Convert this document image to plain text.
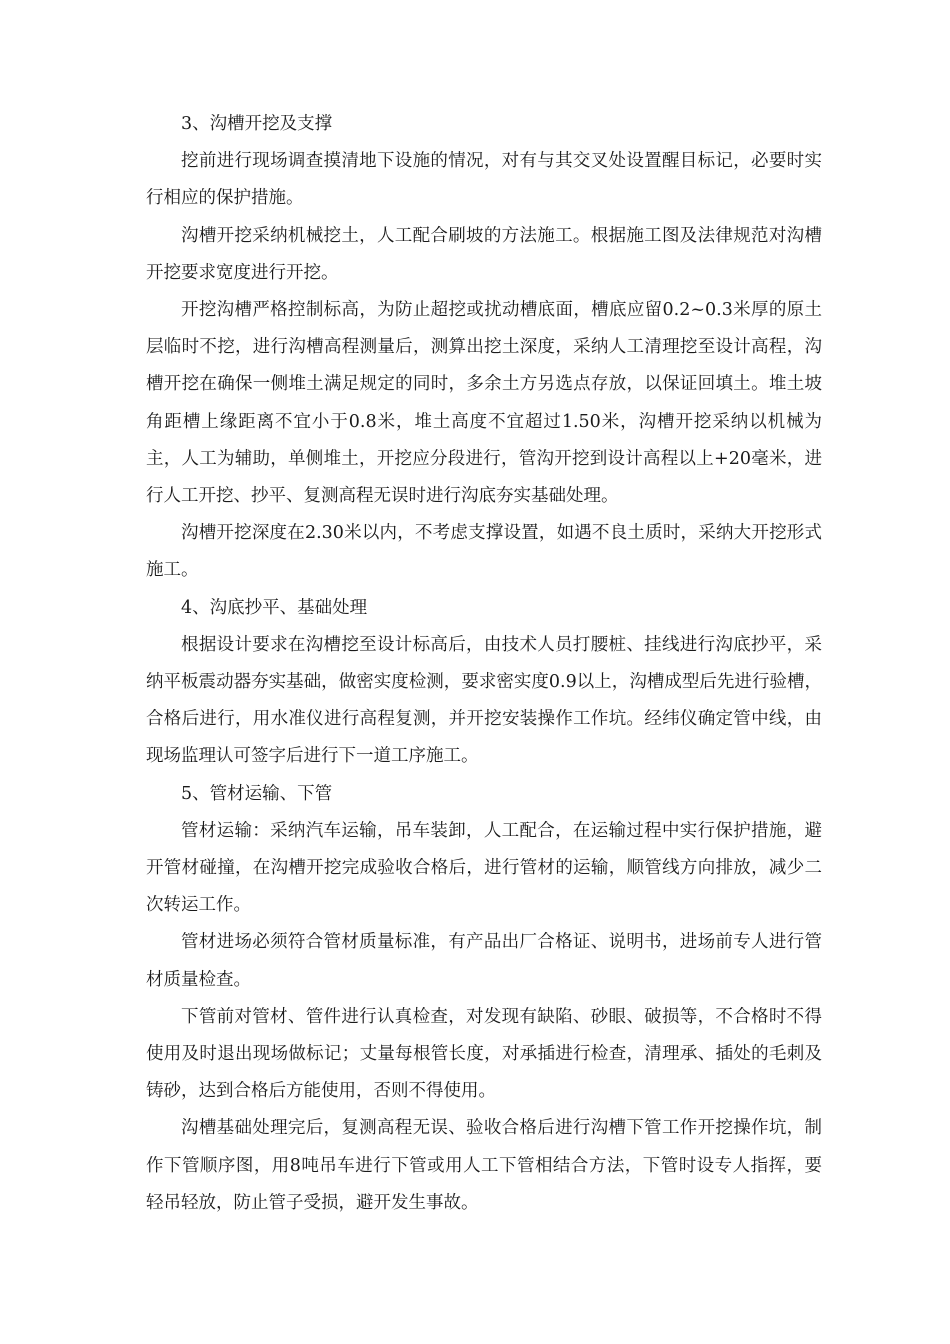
3、沟槽开挖及支撑

挖前进行现场调查摸清地下设施的情况，对有与其交叉处设置醒目标记，必要时实行相应的保护措施。

沟槽开挖采纳机械挖土，人工配合刷坡的方法施工。根据施工图及法律规范对沟槽开挖要求宽度进行开挖。

开挖沟槽严格控制标高，为防止超挖或扰动槽底面，槽底应留0.2~0.3米厚的原土层临时不挖，进行沟槽高程测量后，测算出挖土深度，采纳人工清理挖至设计高程，沟槽开挖在确保一侧堆土满足规定的同时，多余土方另选点存放，以保证回填土。堆土坡角距槽上缘距离不宜小于0.8米，堆土高度不宜超过1.50米，沟槽开挖采纳以机械为主，人工为辅助，单侧堆土，开挖应分段进行，管沟开挖到设计高程以上+20毫米，进行人工开挖、抄平、复测高程无误时进行沟底夯实基础处理。

沟槽开挖深度在2.30米以内，不考虑支撑设置，如遇不良土质时，采纳大开挖形式施工。

4、沟底抄平、基础处理

根据设计要求在沟槽挖至设计标高后，由技术人员打腰桩、挂线进行沟底抄平，采纳平板震动器夯实基础，做密实度检测，要求密实度0.9以上，沟槽成型后先进行验槽，合格后进行，用水准仪进行高程复测，并开挖安装操作工作坑。经纬仪确定管中线，由现场监理认可签字后进行下一道工序施工。

5、管材运输、下管

管材运输：采纳汽车运输，吊车装卸，人工配合，在运输过程中实行保护措施，避开管材碰撞，在沟槽开挖完成验收合格后，进行管材的运输，顺管线方向排放，减少二次转运工作。

管材进场必须符合管材质量标准，有产品出厂合格证、说明书，进场前专人进行管材质量检查。

下管前对管材、管件进行认真检查，对发现有缺陷、砂眼、破损等，不合格时不得使用及时退出现场做标记；丈量每根管长度，对承插进行检查，清理承、插处的毛刺及铸砂，达到合格后方能使用，否则不得使用。

沟槽基础处理完后，复测高程无误、验收合格后进行沟槽下管工作开挖操作坑，制作下管顺序图，用8吨吊车进行下管或用人工下管相结合方法，下管时设专人指挥，要轻吊轻放，防止管子受损，避开发生事故。
